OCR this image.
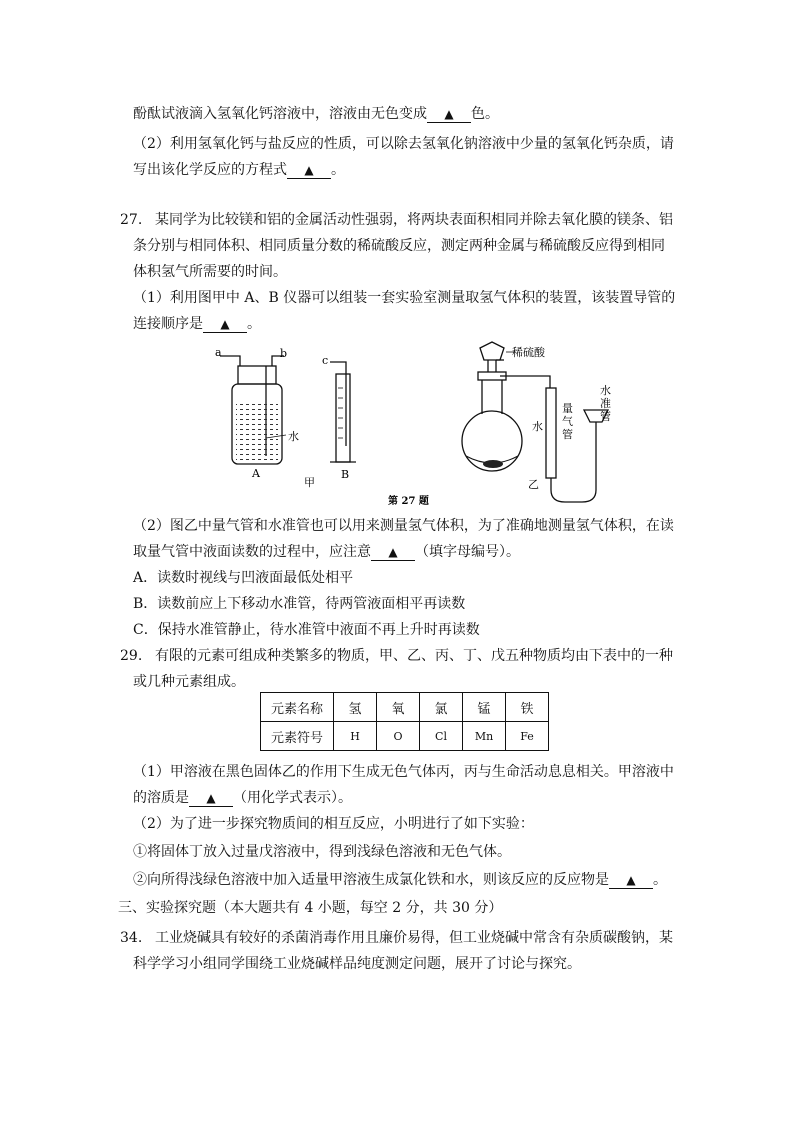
酚酞试液滴入氢氧化钙溶液中，溶液由无色变成 ▲ 色。
（2）利用氢氧化钙与盐反应的性质，可以除去氢氧化钠溶液中少量的氢氧化钙杂质，请
写出该化学反应的方程式 ▲ 。
27. 某同学为比较镁和铝的金属活动性强弱，将两块表面积相同并除去氧化膜的镁条、铝
条分别与相同体积、相同质量分数的稀硫酸反应，测定两种金属与稀硫酸反应得到相同
体积氢气所需要的时间。
（1）利用图甲中 A、B 仪器可以组装一套实验室测量取氢气体积的装置，该装置导管的
连接顺序是 ▲ 。
a	b
水
A
c
B
甲
稀硫酸
水
量
气
管
水
准
管
乙
第 27 题
（2）图乙中量气管和水准管也可以用来测量氢气体积，为了准确地测量氢气体积，在读
取量气管中液面读数的过程中，应注意 ▲ （填字母编号）。
A．读数时视线与凹液面最低处相平
B．读数前应上下移动水准管，待两管液面相平再读数
C．保持水准管静止，待水准管中液面不再上升时再读数
29. 有限的元素可组成种类繁多的物质，甲、乙、丙、丁、戊五种物质均由下表中的一种
或几种元素组成。
元素名称	氢	氧	氯	锰	铁
元素符号	H	O	Cl	Mn	Fe
（1）甲溶液在黑色固体乙的作用下生成无色气体丙，丙与生命活动息息相关。甲溶液中
的溶质是 ▲ （用化学式表示）。
（2）为了进一步探究物质间的相互反应，小明进行了如下实验：
①将固体丁放入过量戊溶液中，得到浅绿色溶液和无色气体。
②向所得浅绿色溶液中加入适量甲溶液生成氯化铁和水，则该反应的反应物是 ▲ 。
三、实验探究题（本大题共有 4 小题，每空 2 分，共 30 分）
34. 工业烧碱具有较好的杀菌消毒作用且廉价易得，但工业烧碱中常含有杂质碳酸钠，某
科学学习小组同学围绕工业烧碱样品纯度测定问题，展开了讨论与探究。
